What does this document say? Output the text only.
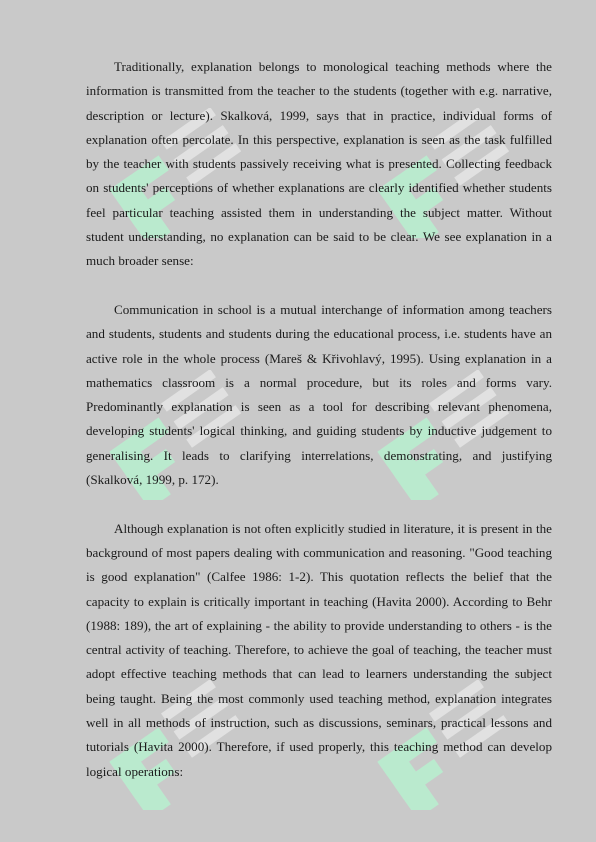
Traditionally, explanation belongs to monological teaching methods where the information is transmitted from the teacher to the students (together with e.g. narrative, description or lecture). Skalková, 1999, says that in practice, individual forms of explanation often percolate. In this perspective, explanation is seen as the task fulfilled by the teacher with students passively receiving what is presented. Collecting feedback on students' perceptions of whether explanations are clearly identified whether students feel particular teaching assisted them in understanding the subject matter. Without student understanding, no explanation can be said to be clear. We see explanation in a much broader sense:

Communication in school is a mutual interchange of information among teachers and students, students and students during the educational process, i.e. students have an active role in the whole process (Mareš & Křivohlavý, 1995). Using explanation in a mathematics classroom is a normal procedure, but its roles and forms vary. Predominantly explanation is seen as a tool for describing relevant phenomena, developing students' logical thinking, and guiding students by inductive judgement to generalising. It leads to clarifying interrelations, demonstrating, and justifying (Skalková, 1999, p. 172).

Although explanation is not often explicitly studied in literature, it is present in the background of most papers dealing with communication and reasoning. "Good teaching is good explanation" (Calfee 1986: 1-2). This quotation reflects the belief that the capacity to explain is critically important in teaching (Havita 2000). According to Behr (1988: 189), the art of explaining - the ability to provide understanding to others - is the central activity of teaching. Therefore, to achieve the goal of teaching, the teacher must adopt effective teaching methods that can lead to learners understanding the subject being taught. Being the most commonly used teaching method, explanation integrates well in all methods of instruction, such as discussions, seminars, practical lessons and tutorials (Havita 2000). Therefore, if used properly, this teaching method can develop logical operations:
